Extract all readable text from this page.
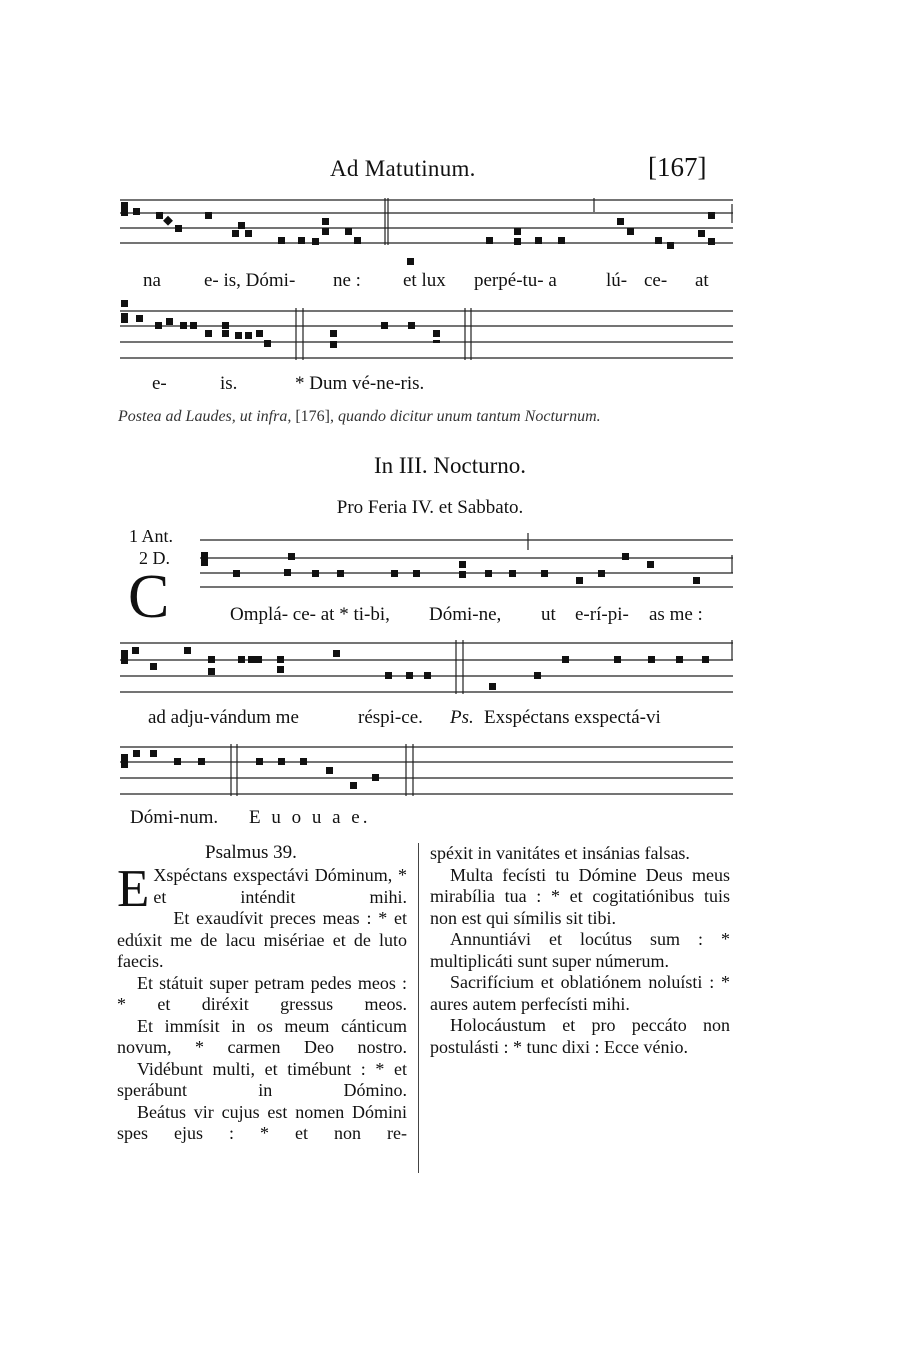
Ad Matutinum.	[167]
na e- is, Dómi- ne : et lux perpé-tu- a	lú- ce- at
e-	is.	* Dum vé-ne-ris.
Postea ad Laudes, ut infra, [176], quando dicitur unum tantum Nocturnum.
In III. Nocturno.
Pro Feria IV. et Sabbato.
1 Ant.
2 D.
C	Omplá- ce- at * ti-bi, Dómi-ne, ut e-rí-pi- as me :
ad adju-vándum me	réspi-ce. Ps. Exspéctans exspectá-vi
Dómi-num. E u o u a e.
Psalmus 39.

E Xspéctans exspectávi Dóminum, * et inténdit mihi.

Et exaudívit preces meas : * et edúxit me de lacu misériae et de luto faecis.

Et státuit super petram pedes meos : * et diréxit gressus meos.

Et immísit in os meum cánticum novum, * carmen Deo nostro.

Vidébunt multi, et timébunt : * et sperábunt in Dómino.

Beátus vir cujus est nomen Dómini spes ejus : * et non re-

spéxit in vanitátes et insánias falsas.

Multa fecísti tu Dómine Deus meus mirabília tua : * et cogitatiónibus tuis non est qui símilis sit tibi.

Annuntiávi et locútus sum : * multiplicáti sunt super númerum.

Sacrifícium et oblatiónem noluísti : * aures autem perfecísti mihi.

Holocáustum et pro peccáto non postulásti : * tunc dixi : Ecce vénio.
